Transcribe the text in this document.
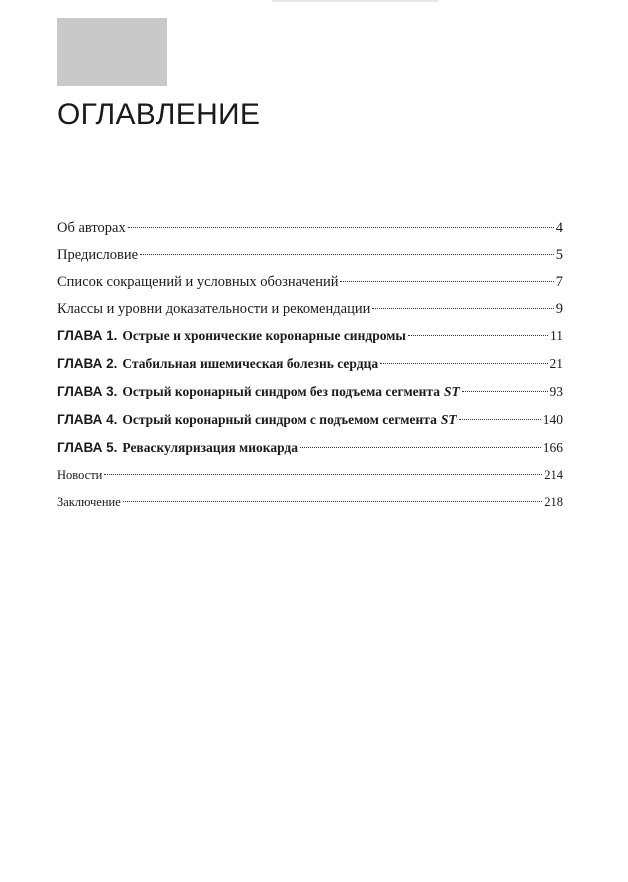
ОГЛАВЛЕНИЕ
Об авторах	4
Предисловие	5
Список сокращений и условных обозначений	7
Классы и уровни доказательности и рекомендации	9
ГЛАВА 1. Острые и хронические коронарные синдромы	11
ГЛАВА 2. Стабильная ишемическая болезнь сердца	21
ГЛАВА 3. Острый коронарный синдром без подъема сегмента ST	93
ГЛАВА 4. Острый коронарный синдром с подъемом сегмента ST	140
ГЛАВА 5. Реваскуляризация миокарда	166
Новости	214
Заключение	218
